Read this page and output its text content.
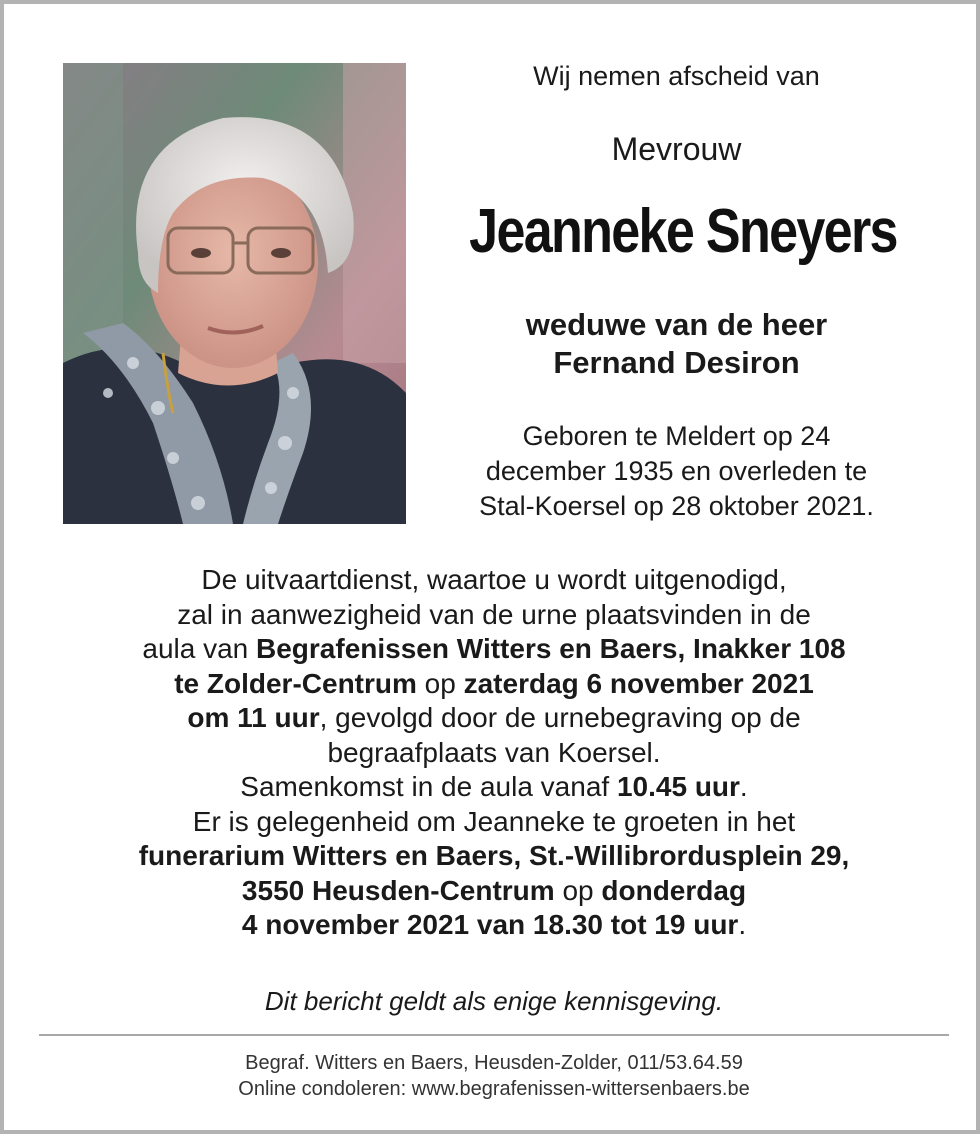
Wij nemen afscheid van
Mevrouw
Jeanneke Sneyers
weduwe van de heer
Fernand Desiron
Geboren te Meldert op 24
december 1935 en overleden te
Stal-Koersel op 28 oktober 2021.
De uitvaartdienst, waartoe u wordt uitgenodigd,
zal in aanwezigheid van de urne plaatsvinden in de
aula van Begrafenissen Witters en Baers, Inakker 108
te Zolder-Centrum op zaterdag 6 november 2021
om 11 uur, gevolgd door de urnebegraving op de
begraafplaats van Koersel.
Samenkomst in de aula vanaf 10.45 uur.
Er is gelegenheid om Jeanneke te groeten in het
funerarium Witters en Baers, St.-Willibrordusplein 29,
3550 Heusden-Centrum op donderdag
4 november 2021 van 18.30 tot 19 uur.
Dit bericht geldt als enige kennisgeving.
Begraf. Witters en Baers, Heusden-Zolder, 011/53.64.59
Online condoleren: www.begrafenissen-wittersenbaers.be
